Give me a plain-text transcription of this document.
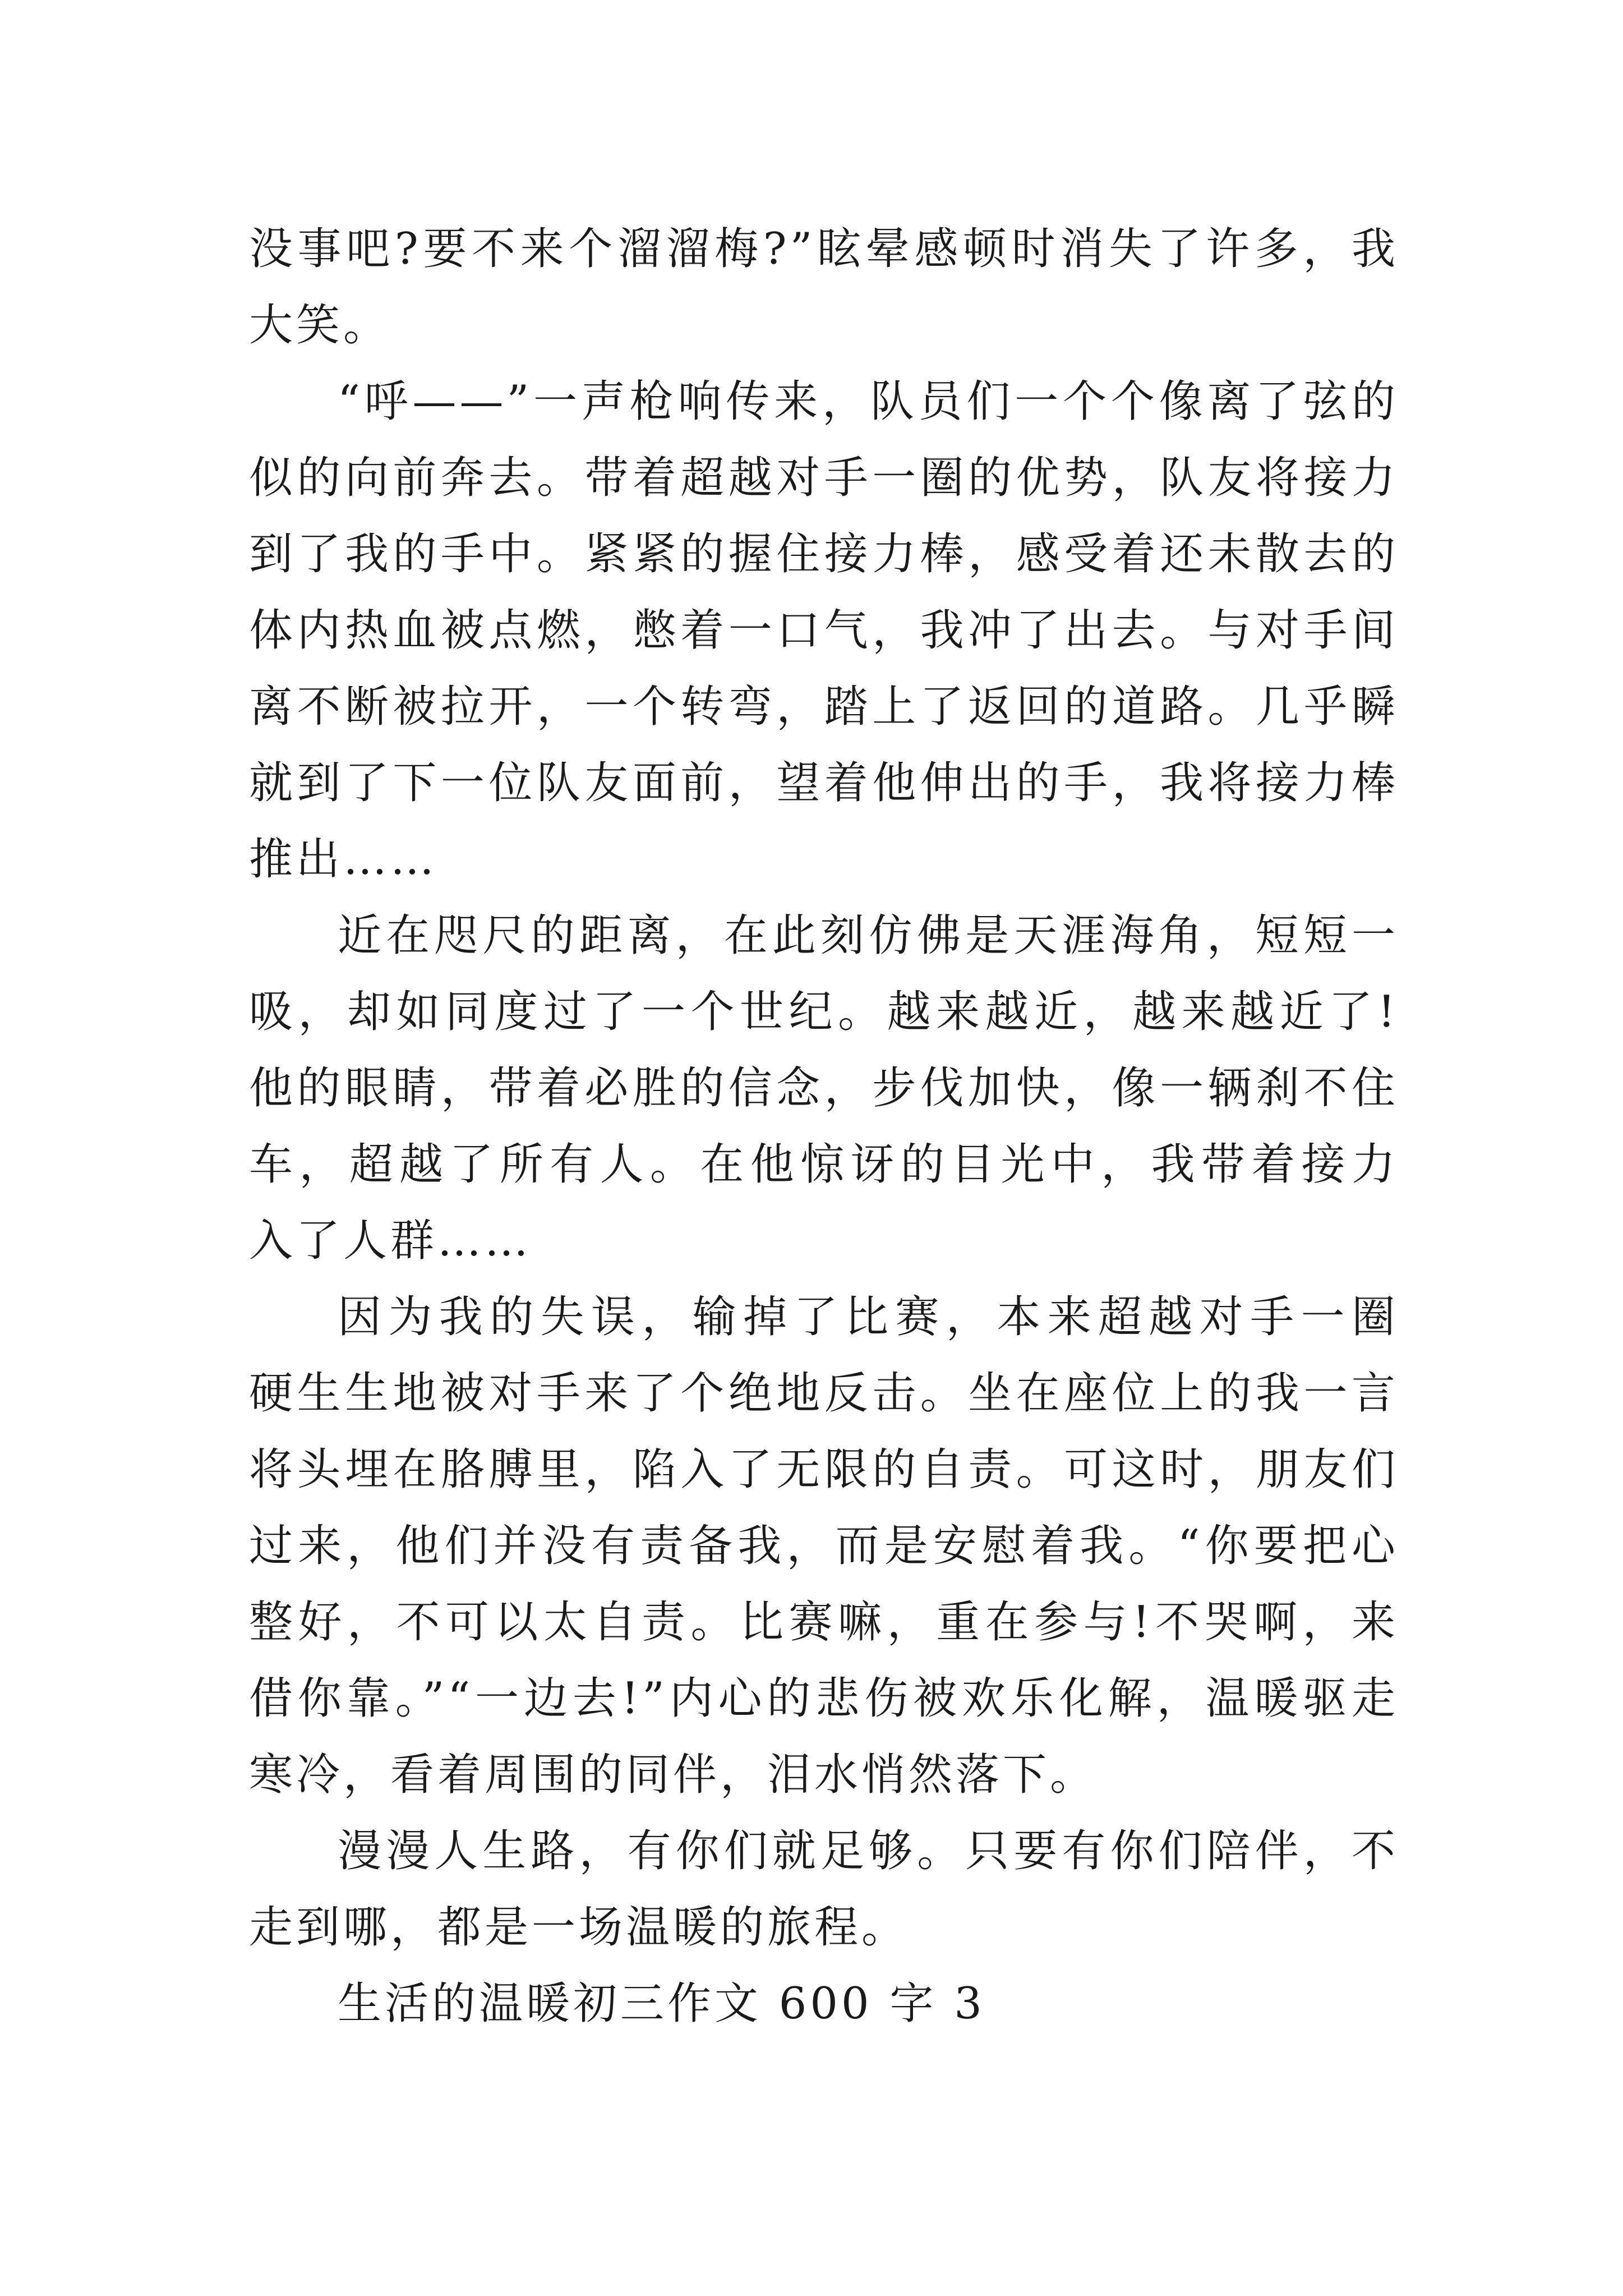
没事吧?要不来个溜溜梅?”眩晕感顿时消失了许多，我
大笑。
“呼——”一声枪响传来，队员们一个个像离了弦的
似的向前奔去。带着超越对手一圈的优势，队友将接力
到了我的手中。紧紧的握住接力棒，感受着还未散去的
体内热血被点燃，憋着一口气，我冲了出去。与对手间
离不断被拉开，一个转弯，踏上了返回的道路。几乎瞬
就到了下一位队友面前，望着他伸出的手，我将接力棒
推出……
近在咫尺的距离，在此刻仿佛是天涯海角，短短一
吸，却如同度过了一个世纪。越来越近，越来越近了!
他的眼睛，带着必胜的信念，步伐加快，像一辆刹不住
车，超越了所有人。在他惊讶的目光中，我带着接力
入了人群……
因为我的失误，输掉了比赛，本来超越对手一圈
硬生生地被对手来了个绝地反击。坐在座位上的我一言
将头埋在胳膊里，陷入了无限的自责。可这时，朋友们
过来，他们并没有责备我，而是安慰着我。“你要把心
整好，不可以太自责。比赛嘛，重在参与!不哭啊，来
借你靠。”“一边去!”内心的悲伤被欢乐化解，温暖驱走
寒冷，看着周围的同伴，泪水悄然落下。
漫漫人生路，有你们就足够。只要有你们陪伴，不
走到哪，都是一场温暖的旅程。
生活的温暖初三作文 600 字 3
